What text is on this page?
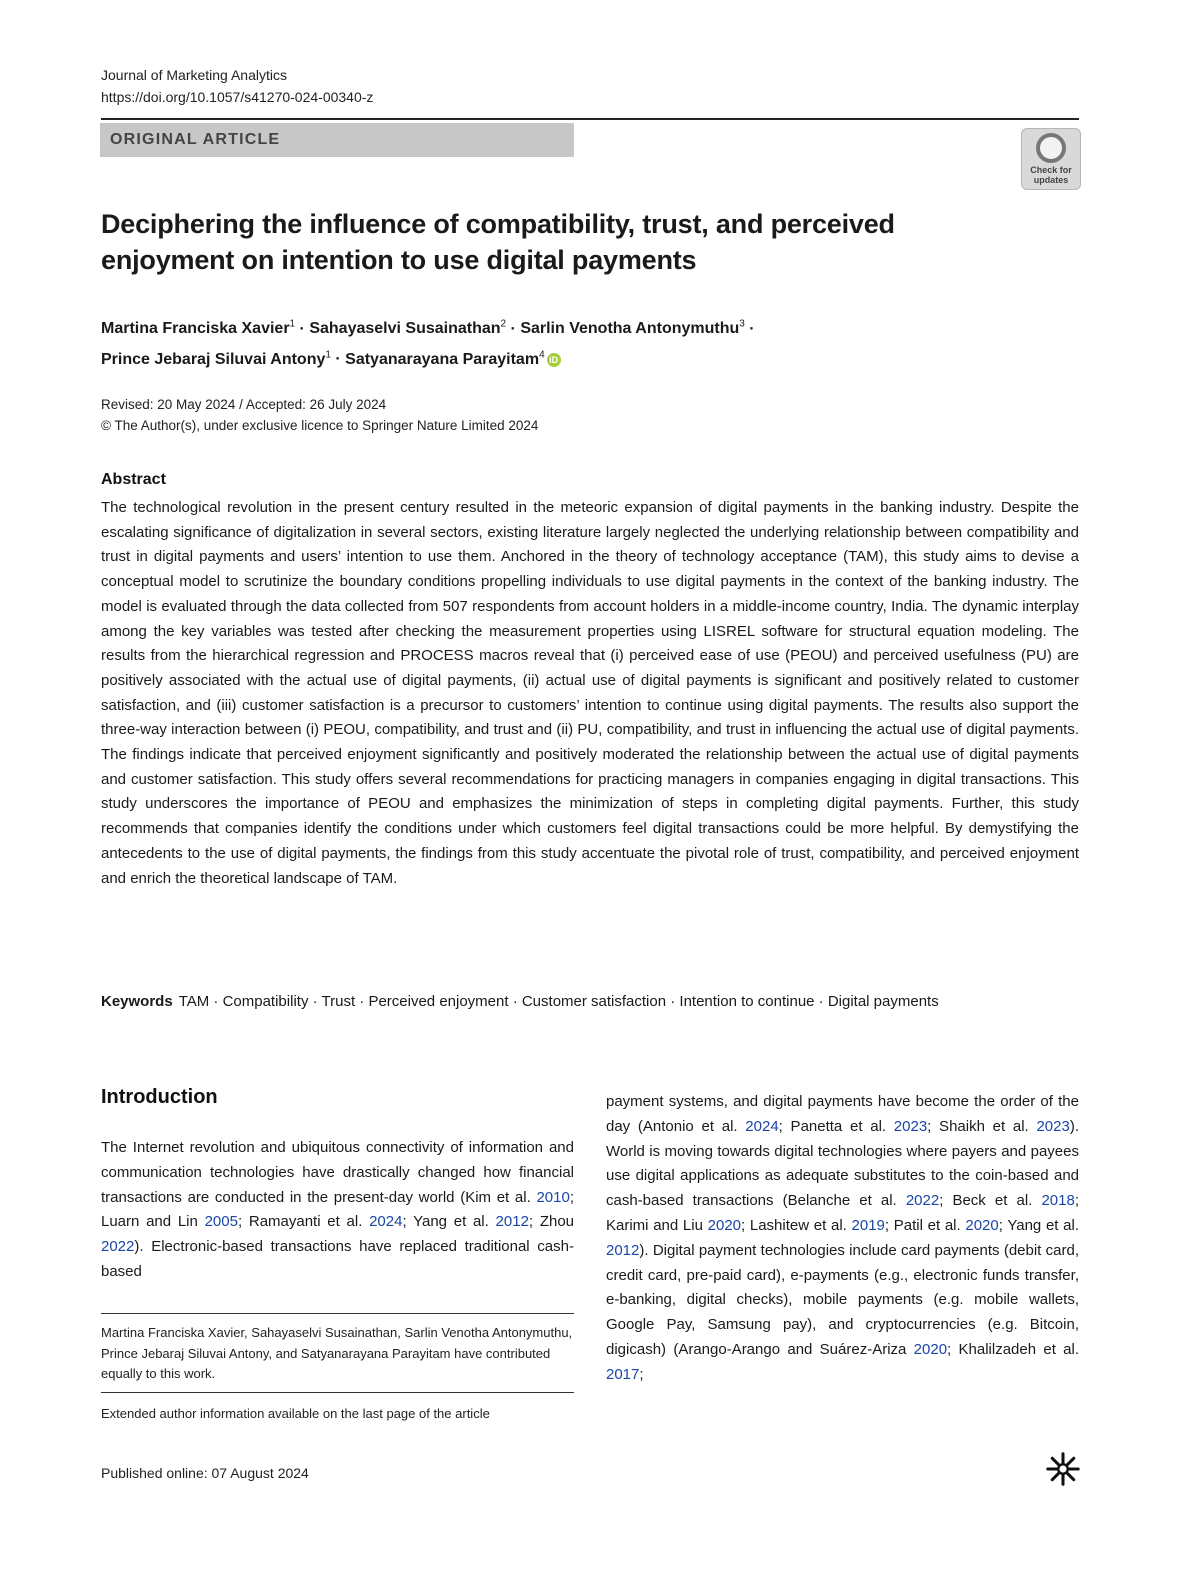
Journal of Marketing Analytics
https://doi.org/10.1057/s41270-024-00340-z
ORIGINAL ARTICLE
Check for updates
Deciphering the influence of compatibility, trust, and perceived enjoyment on intention to use digital payments
Martina Franciska Xavier$^1$ · Sahayaselvi Susainathan$^2$ · Sarlin Venotha Antonymuthu$^3$ ·
Prince Jebaraj Siluvai Antony$^1$ · Satyanarayana Parayitam$^4$ iD
Revised: 20 May 2024 / Accepted: 26 July 2024
© The Author(s), under exclusive licence to Springer Nature Limited 2024
Abstract
The technological revolution in the present century resulted in the meteoric expansion of digital payments in the banking industry. Despite the escalating significance of digitalization in several sectors, existing literature largely neglected the underlying relationship between compatibility and trust in digital payments and users’ intention to use them. Anchored in the theory of technology acceptance (TAM), this study aims to devise a conceptual model to scrutinize the boundary conditions propelling individuals to use digital payments in the context of the banking industry. The model is evaluated through the data collected from 507 respondents from account holders in a middle-income country, India. The dynamic interplay among the key variables was tested after checking the measurement properties using LISREL software for structural equation modeling. The results from the hierarchical regression and PROCESS macros reveal that (i) perceived ease of use (PEOU) and perceived usefulness (PU) are positively associated with the actual use of digital payments, (ii) actual use of digital payments is significant and positively related to customer satisfaction, and (iii) customer satisfaction is a precursor to customers’ intention to continue using digital payments. The results also support the three-way interaction between (i) PEOU, compatibility, and trust and (ii) PU, compatibility, and trust in influencing the actual use of digital payments. The findings indicate that perceived enjoyment significantly and positively moderated the relationship between the actual use of digital payments and customer satisfaction. This study offers several recommendations for practicing managers in companies engaging in digital transactions. This study underscores the importance of PEOU and emphasizes the minimization of steps in completing digital payments. Further, this study recommends that companies identify the conditions under which customers feel digital transactions could be more helpful. By demystifying the antecedents to the use of digital payments, the findings from this study accentuate the pivotal role of trust, compatibility, and perceived enjoyment and enrich the theoretical landscape of TAM.
Keywords TAM · Compatibility · Trust · Perceived enjoyment · Customer satisfaction · Intention to continue · Digital payments
Introduction
The Internet revolution and ubiquitous connectivity of information and communication technologies have drastically changed how financial transactions are conducted in the present-day world (Kim et al. 2010; Luarn and Lin 2005; Ramayanti et al. 2024; Yang et al. 2012; Zhou 2022). Electronic-based transactions have replaced traditional cash-based
payment systems, and digital payments have become the order of the day (Antonio et al. 2024; Panetta et al. 2023; Shaikh et al. 2023). World is moving towards digital technologies where payers and payees use digital applications as adequate substitutes to the coin-based and cash-based transactions (Belanche et al. 2022; Beck et al. 2018; Karimi and Liu 2020; Lashitew et al. 2019; Patil et al. 2020; Yang et al. 2012). Digital payment technologies include card payments (debit card, credit card, pre-paid card), e-payments (e.g., electronic funds transfer, e-banking, digital checks), mobile payments (e.g. mobile wallets, Google Pay, Samsung pay), and cryptocurrencies (e.g. Bitcoin, digicash) (Arango-Arango and Suárez-Ariza 2020; Khalilzadeh et al. 2017;
Martina Franciska Xavier, Sahayaselvi Susainathan, Sarlin Venotha Antonymuthu, Prince Jebaraj Siluvai Antony, and Satyanarayana Parayitam have contributed equally to this work.
Extended author information available on the last page of the article
Published online: 07 August 2024
